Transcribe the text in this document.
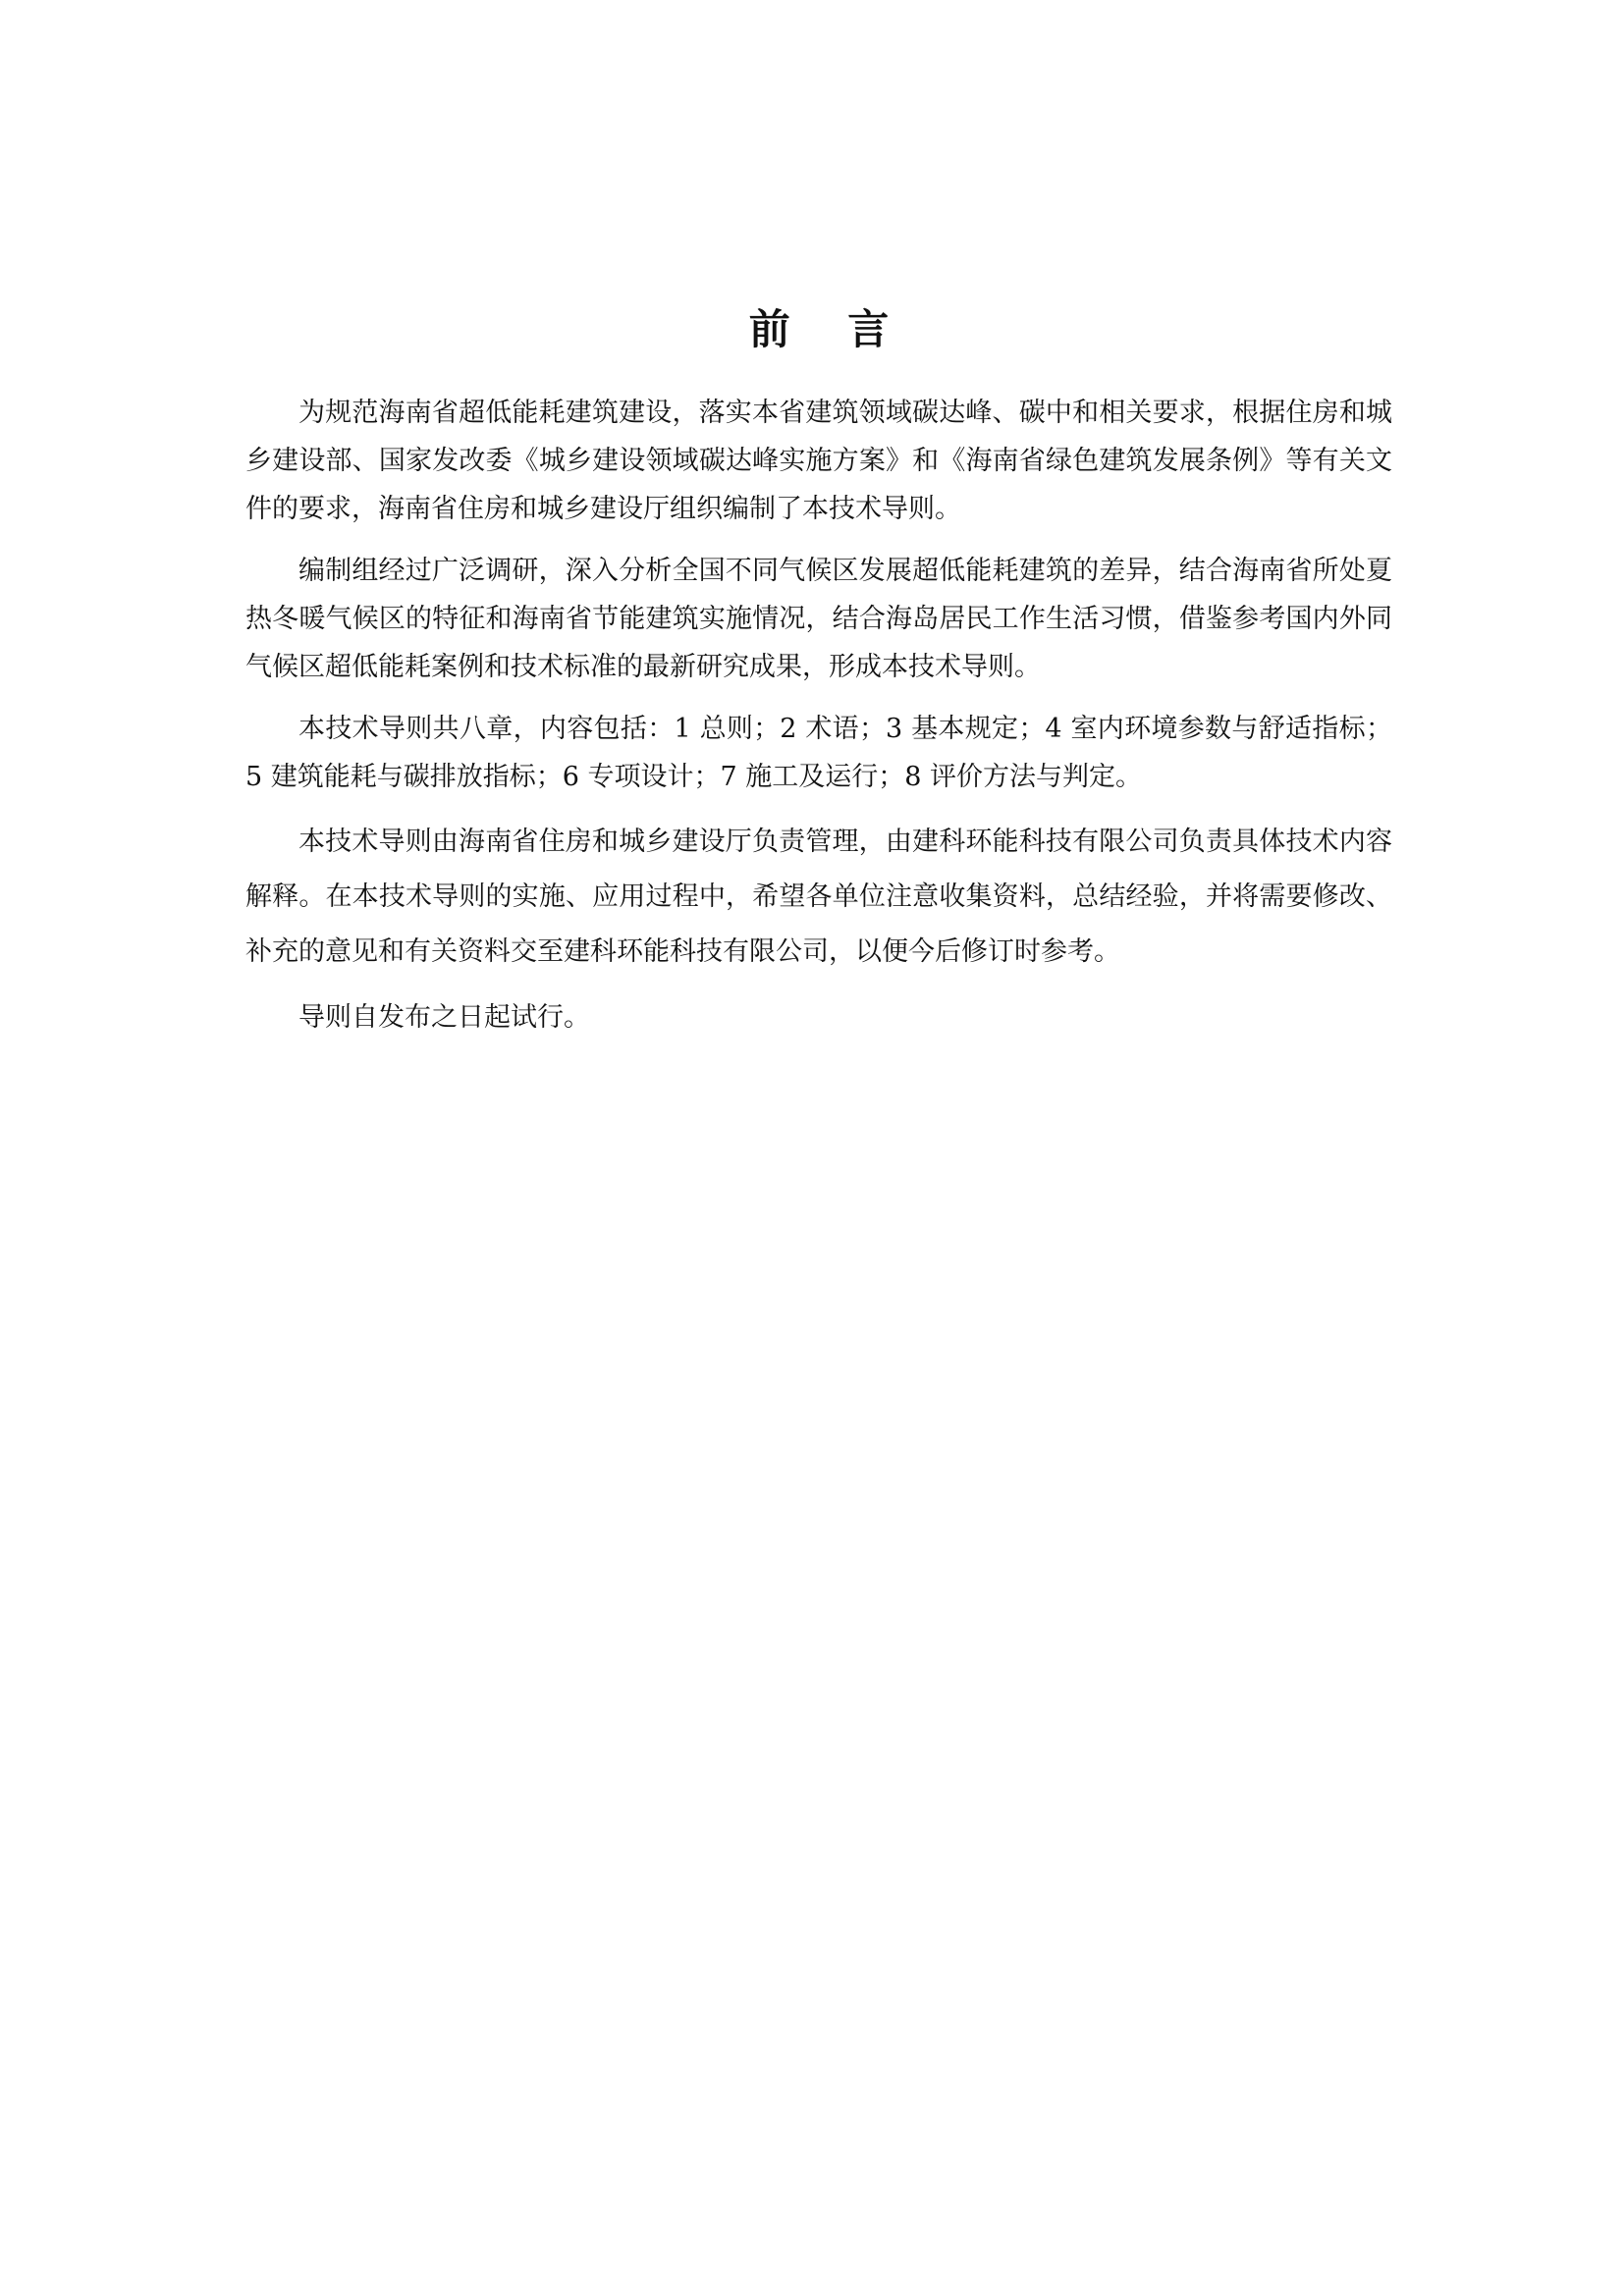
前 言

为规范海南省超低能耗建筑建设，落实本省建筑领域碳达峰、碳中和相关要求，根据住房和城乡建设部、国家发改委《城乡建设领域碳达峰实施方案》和《海南省绿色建筑发展条例》等有关文件的要求，海南省住房和城乡建设厅组织编制了本技术导则。

编制组经过广泛调研，深入分析全国不同气候区发展超低能耗建筑的差异，结合海南省所处夏热冬暖气候区的特征和海南省节能建筑实施情况，结合海岛居民工作生活习惯，借鉴参考国内外同气候区超低能耗案例和技术标准的最新研究成果，形成本技术导则。

本技术导则共八章，内容包括：1 总则；2 术语；3 基本规定；4 室内环境参数与舒适指标；5 建筑能耗与碳排放指标；6 专项设计；7 施工及运行；8 评价方法与判定。

本技术导则由海南省住房和城乡建设厅负责管理，由建科环能科技有限公司负责具体技术内容解释。在本技术导则的实施、应用过程中，希望各单位注意收集资料，总结经验，并将需要修改、补充的意见和有关资料交至建科环能科技有限公司，以便今后修订时参考。

导则自发布之日起试行。
